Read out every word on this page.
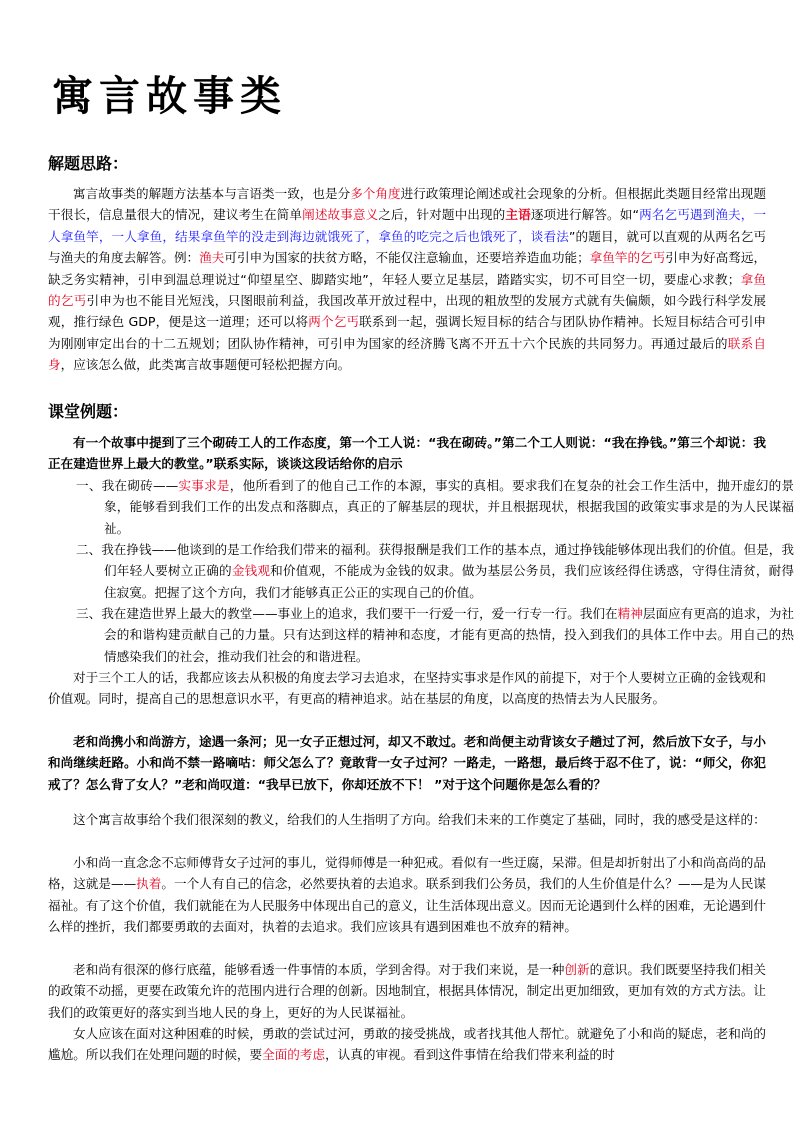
寓言故事类
解题思路：

寓言故事类的解题方法基本与言语类一致，也是分多个角度进行政策理论阐述或社会现象的分析。但根据此类题目经常出现题干很长，信息量很大的情况，建议考生在简单阐述故事意义之后，针对题中出现的主语逐项进行解答。如“两名乞丐遇到渔夫，一人拿鱼竿，一人拿鱼，结果拿鱼竿的没走到海边就饿死了，拿鱼的吃完之后也饿死了，谈看法”的题目，就可以直观的从两名乞丐与渔夫的角度去解答。例：渔夫可引申为国家的扶贫方略，不能仅注意输血，还要培养造血功能；拿鱼竿的乞丐引申为好高骛远，缺乏务实精神，引申到温总理说过“仰望星空、脚踏实地”，年轻人要立足基层，踏踏实实，切不可目空一切，要虚心求教；拿鱼的乞丐引申为也不能目光短浅，只图眼前利益，我国改革开放过程中，出现的粗放型的发展方式就有失偏颇，如今践行科学发展观，推行绿色 GDP，便是这一道理；还可以将两个乞丐联系到一起，强调长短目标的结合与团队协作精神。长短目标结合可引申为刚刚审定出台的十二五规划；团队协作精神，可引申为国家的经济腾飞离不开五十六个民族的共同努力。再通过最后的联系自身，应该怎么做，此类寓言故事题便可轻松把握方向。

课堂例题：

有一个故事中提到了三个砌砖工人的工作态度，第一个工人说：“我在砌砖。”第二个工人则说：“我在挣钱。”第三个却说：我正在建造世界上最大的教堂。”联系实际，谈谈这段话给你的启示

一、我在砌砖——实事求是，他所看到了的他自己工作的本源，事实的真相。要求我们在复杂的社会工作生活中，抛开虚幻的景象，能够看到我们工作的出发点和落脚点，真正的了解基层的现状，并且根据现状，根据我国的政策实事求是的为人民谋福祉。

二、我在挣钱——他谈到的是工作给我们带来的福利。获得报酬是我们工作的基本点，通过挣钱能够体现出我们的价值。但是，我们年轻人要树立正确的金钱观和价值观，不能成为金钱的奴隶。做为基层公务员，我们应该经得住诱惑，守得住清贫，耐得住寂寞。把握了这个方向，我们才能够真正公正的实现自己的价值。

三、我在建造世界上最大的教堂——事业上的追求，我们要干一行爱一行，爱一行专一行。我们在精神层面应有更高的追求，为社会的和谐构建贡献自己的力量。只有达到这样的精神和态度，才能有更高的热情，投入到我们的具体工作中去。用自己的热情感染我们的社会，推动我们社会的和谐进程。

对于三个工人的话，我都应该去从积极的角度去学习去追求，在坚持实事求是作风的前提下，对于个人要树立正确的金钱观和价值观。同时，提高自己的思想意识水平，有更高的精神追求。站在基层的角度，以高度的热情去为人民服务。

老和尚携小和尚游方，途遇一条河；见一女子正想过河，却又不敢过。老和尚便主动背该女子趟过了河，然后放下女子，与小和尚继续赶路。小和尚不禁一路嘀咕：师父怎么了？竟敢背一女子过河？一路走，一路想，最后终于忍不住了，说：“师父，你犯戒了？怎么背了女人？”老和尚叹道：“我早已放下，你却还放不下！ ”对于这个问题你是怎么看的？

这个寓言故事给个我们很深刻的教义，给我们的人生指明了方向。给我们未来的工作奠定了基础，同时，我的感受是这样的：

小和尚一直念念不忘师傅背女子过河的事儿，觉得师傅是一种犯戒。看似有一些迂腐，呆滞。但是却折射出了小和尚高尚的品格，这就是——执着。一个人有自己的信念，必然要执着的去追求。联系到我们公务员，我们的人生价值是什么？——是为人民谋福祉。有了这个价值，我们就能在为人民服务中体现出自己的意义，让生活体现出意义。因而无论遇到什么样的困难，无论遇到什么样的挫折，我们都要勇敢的去面对，执着的去追求。我们应该具有遇到困难也不放弃的精神。

老和尚有很深的修行底蕴，能够看透一件事情的本质，学到舍得。对于我们来说，是一种创新的意识。我们既要坚持我们相关的政策不动摇，更要在政策允许的范围内进行合理的创新。因地制宜，根据具体情况，制定出更加细致，更加有效的方式方法。让我们的政策更好的落实到当地人民的身上，更好的为人民谋福祉。

女人应该在面对这种困难的时候，勇敢的尝试过河，勇敢的接受挑战，或者找其他人帮忙。就避免了小和尚的疑虑，老和尚的尴尬。所以我们在处理问题的时候，要全面的考虑，认真的审视。看到这件事情在给我们带来利益的时
